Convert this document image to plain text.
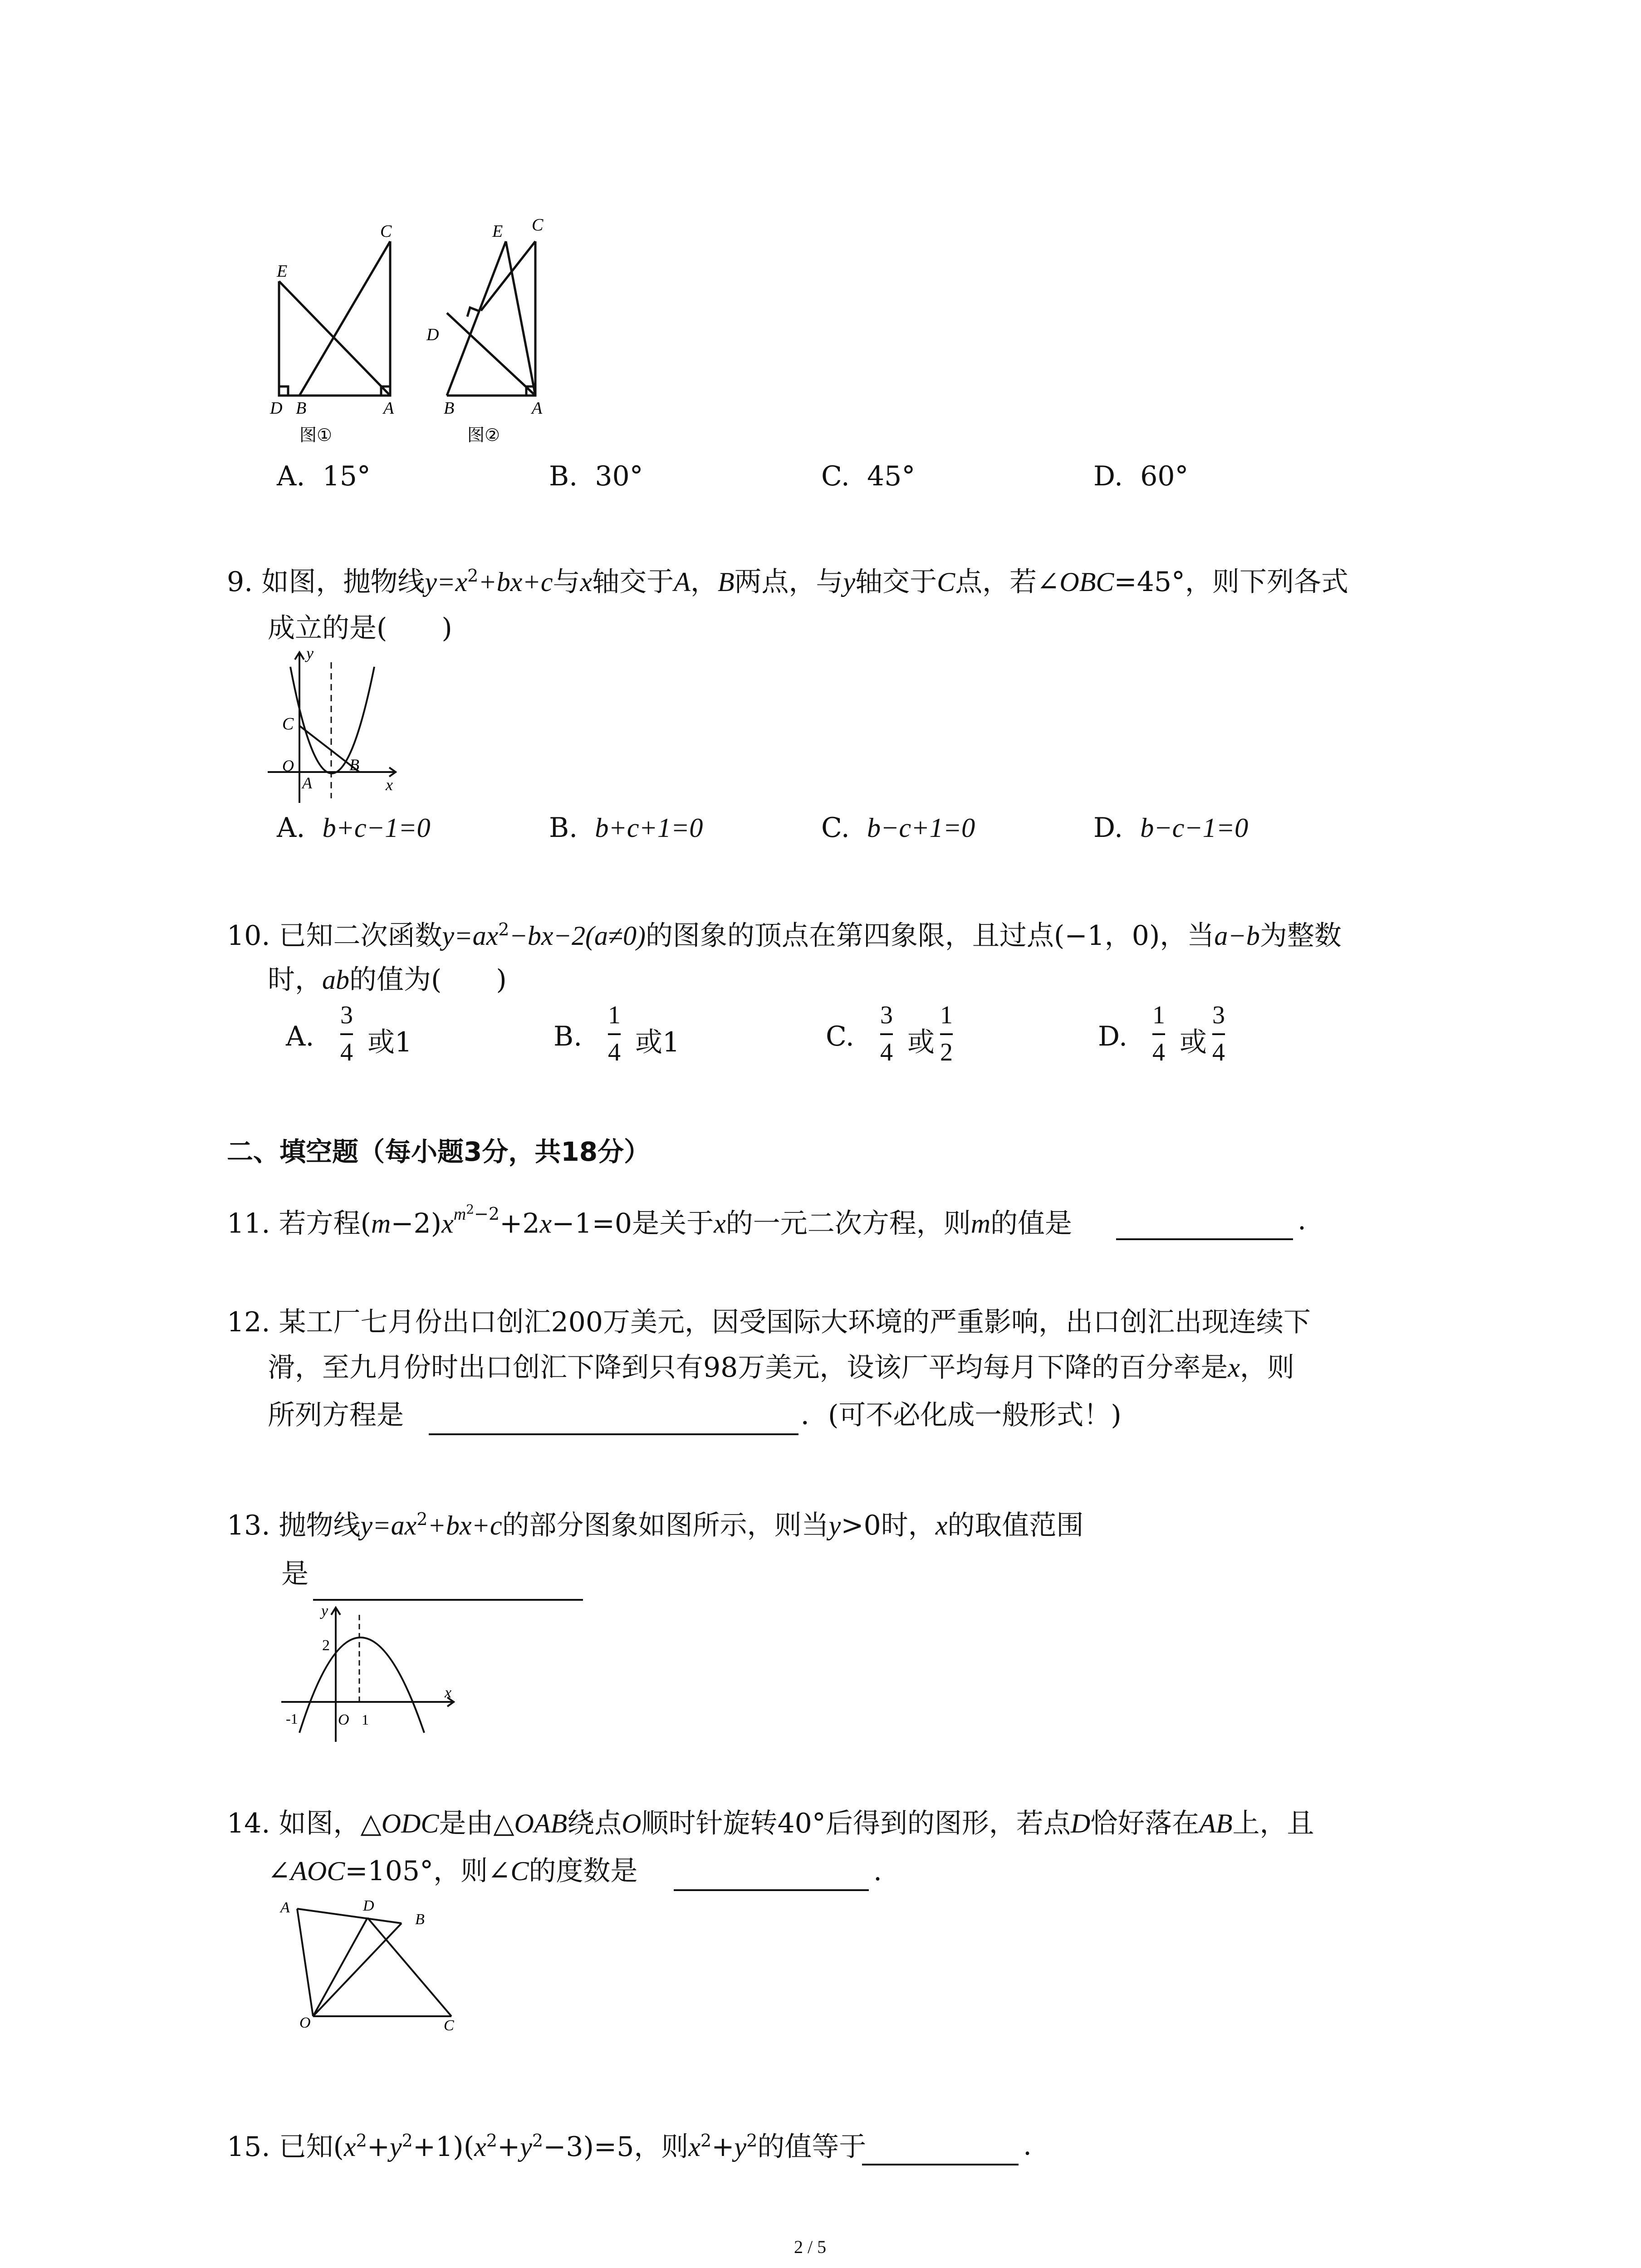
E
C
D B	A
图①
E C
D
B	A
图②
A. 15°	B. 30°	C. 45°	D. 60°
9. 如图，抛物线$y=x^2+bx+c$与x轴交于A，B两点，与y轴交于C点，若∠OBC=45°，则下列各式
成立的是(　　)
y
x
C
O
A
B
A. b+c−1=0	B. b+c+1=0	C. b−c+1=0	D. b−c−1=0
10. 已知二次函数$y=ax^2-bx-2(a\ne 0)$的图象的顶点在第四象限，且过点(−1，0)，当a−b为整数
时，ab的值为(　　)
A.
3
4 或1	B.
1
4 或1	C.
3
4 或
1
2	D.
1
4 或
3
4
二、填空题（每小题3分，共18分）
11. 若方程$(m-2)x^{m^2-2}+2x-1=0$是关于x的一元二次方程，则m的值是	.
12. 某工厂七月份出口创汇200万美元，因受国际大环境的严重影响，出口创汇出现连续下
滑，至九月份时出口创汇下降到只有98万美元，设该厂平均每月下降的百分率是x，则
所列方程是	．(可不必化成一般形式！)
13. 抛物线$y=ax^2+bx+c$的部分图象如图所示，则当y>0时，x的取值范围
是
y
x
2
-1	O 1
14. 如图，△ODC是由△OAB绕点O顺时针旋转40°后得到的图形，若点D恰好落在AB上，且
∠AOC=105°，则∠C的度数是	.
A	D
B
O	C
15. 已知$(x^2+y^2+1)(x^2+y^2-3)=5$，则$x^2+y^2$的值等于	.
2 / 5
